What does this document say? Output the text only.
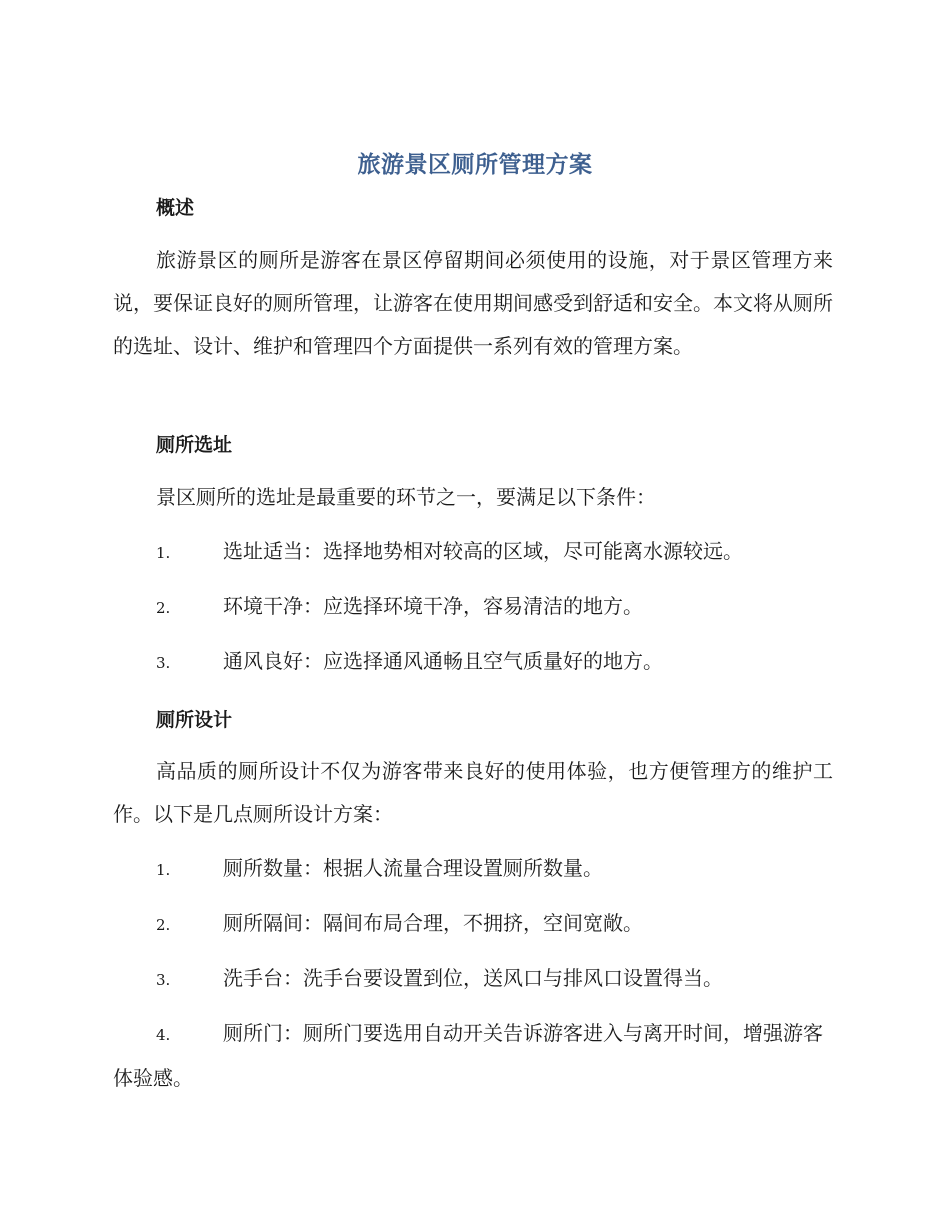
旅游景区厕所管理方案
概述
旅游景区的厕所是游客在景区停留期间必须使用的设施，对于景区管理方来说，要保证良好的厕所管理，让游客在使用期间感受到舒适和安全。本文将从厕所的选址、设计、维护和管理四个方面提供一系列有效的管理方案。
厕所选址
景区厕所的选址是最重要的环节之一，要满足以下条件：
1.	选址适当：选择地势相对较高的区域，尽可能离水源较远。
2.	环境干净：应选择环境干净，容易清洁的地方。
3.	通风良好：应选择通风通畅且空气质量好的地方。
厕所设计
高品质的厕所设计不仅为游客带来良好的使用体验，也方便管理方的维护工作。以下是几点厕所设计方案：
1.	厕所数量：根据人流量合理设置厕所数量。
2.	厕所隔间：隔间布局合理，不拥挤，空间宽敞。
3.	洗手台：洗手台要设置到位，送风口与排风口设置得当。
4.	厕所门：厕所门要选用自动开关告诉游客进入与离开时间，增强游客体验感。
